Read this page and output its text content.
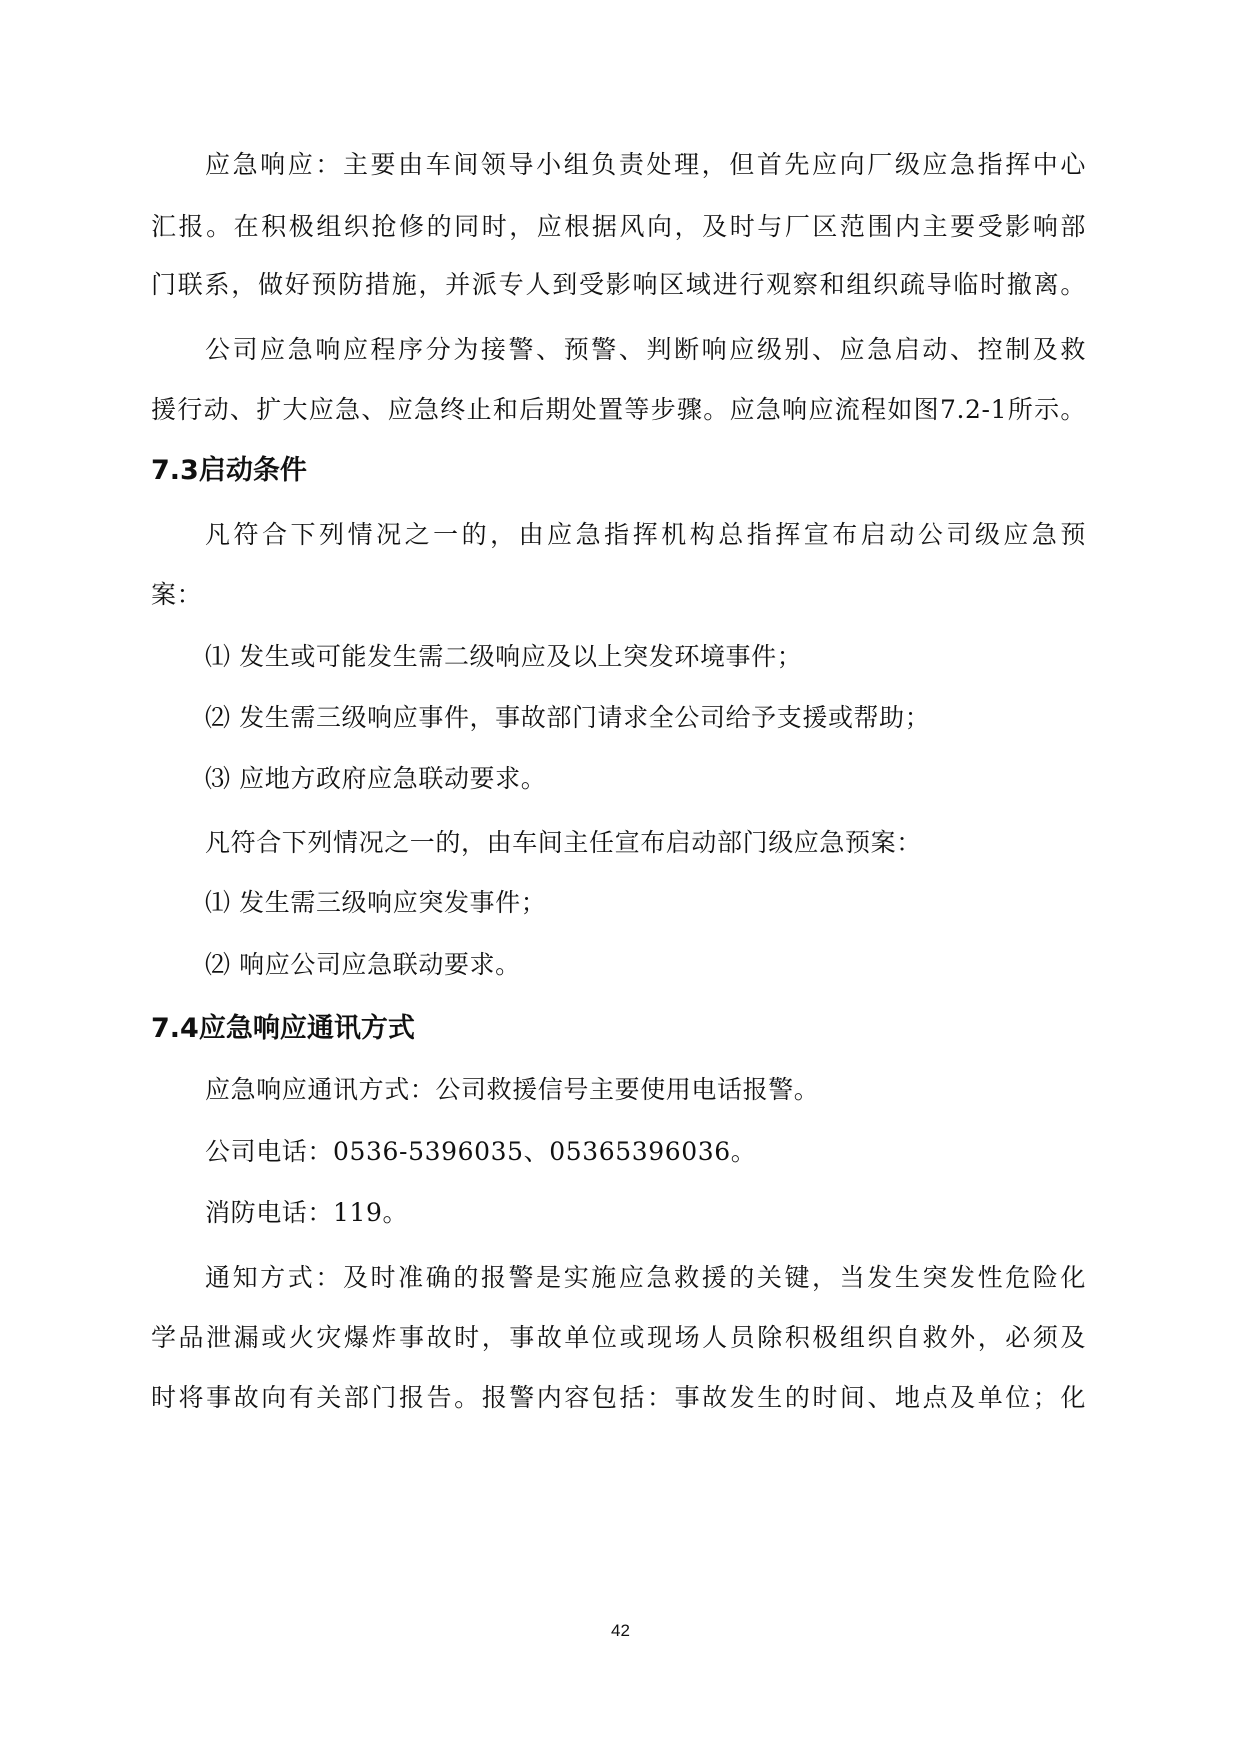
应急响应：主要由车间领导小组负责处理，但首先应向厂级应急指挥中心
汇报。在积极组织抢修的同时，应根据风向，及时与厂区范围内主要受影响部
门联系，做好预防措施，并派专人到受影响区域进行观察和组织疏导临时撤离。
公司应急响应程序分为接警、预警、判断响应级别、应急启动、控制及救
援行动、扩大应急、应急终止和后期处置等步骤。应急响应流程如图7.2-1所示。
7.3启动条件
凡符合下列情况之一的，由应急指挥机构总指挥宣布启动公司级应急预
案：
⑴ 发生或可能发生需二级响应及以上突发环境事件；
⑵ 发生需三级响应事件，事故部门请求全公司给予支援或帮助；
⑶ 应地方政府应急联动要求。
凡符合下列情况之一的，由车间主任宣布启动部门级应急预案：
⑴ 发生需三级响应突发事件；
⑵ 响应公司应急联动要求。
7.4应急响应通讯方式
应急响应通讯方式：公司救援信号主要使用电话报警。
公司电话：0536-5396035、05365396036。
消防电话：119。
通知方式：及时准确的报警是实施应急救援的关键，当发生突发性危险化
学品泄漏或火灾爆炸事故时，事故单位或现场人员除积极组织自救外，必须及
时将事故向有关部门报告。报警内容包括：事故发生的时间、地点及单位；化
42
